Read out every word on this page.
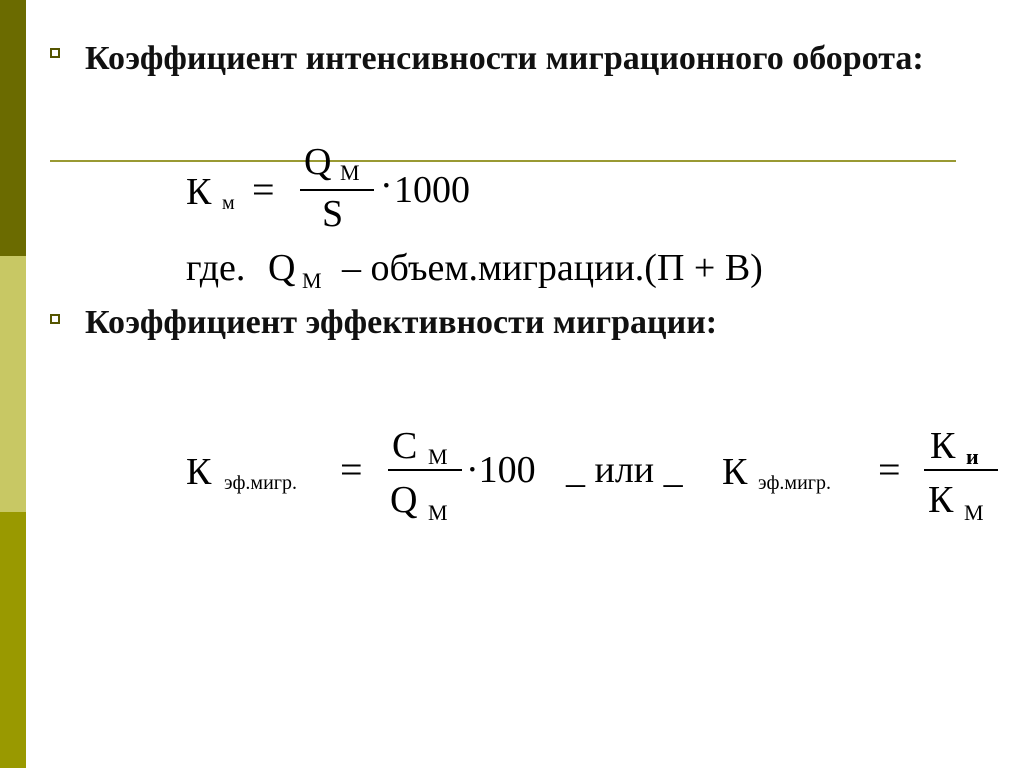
Коэффициент интенсивности миграционного оборота:
К м =
Q М
S
· 1000
где. Q М – объем.миграции.(П + В)
Коэффициент эффективности миграции:
К эф.мигр. =
С М
Q М
·100 _ или _ К эф.мигр. =
К и
К М
